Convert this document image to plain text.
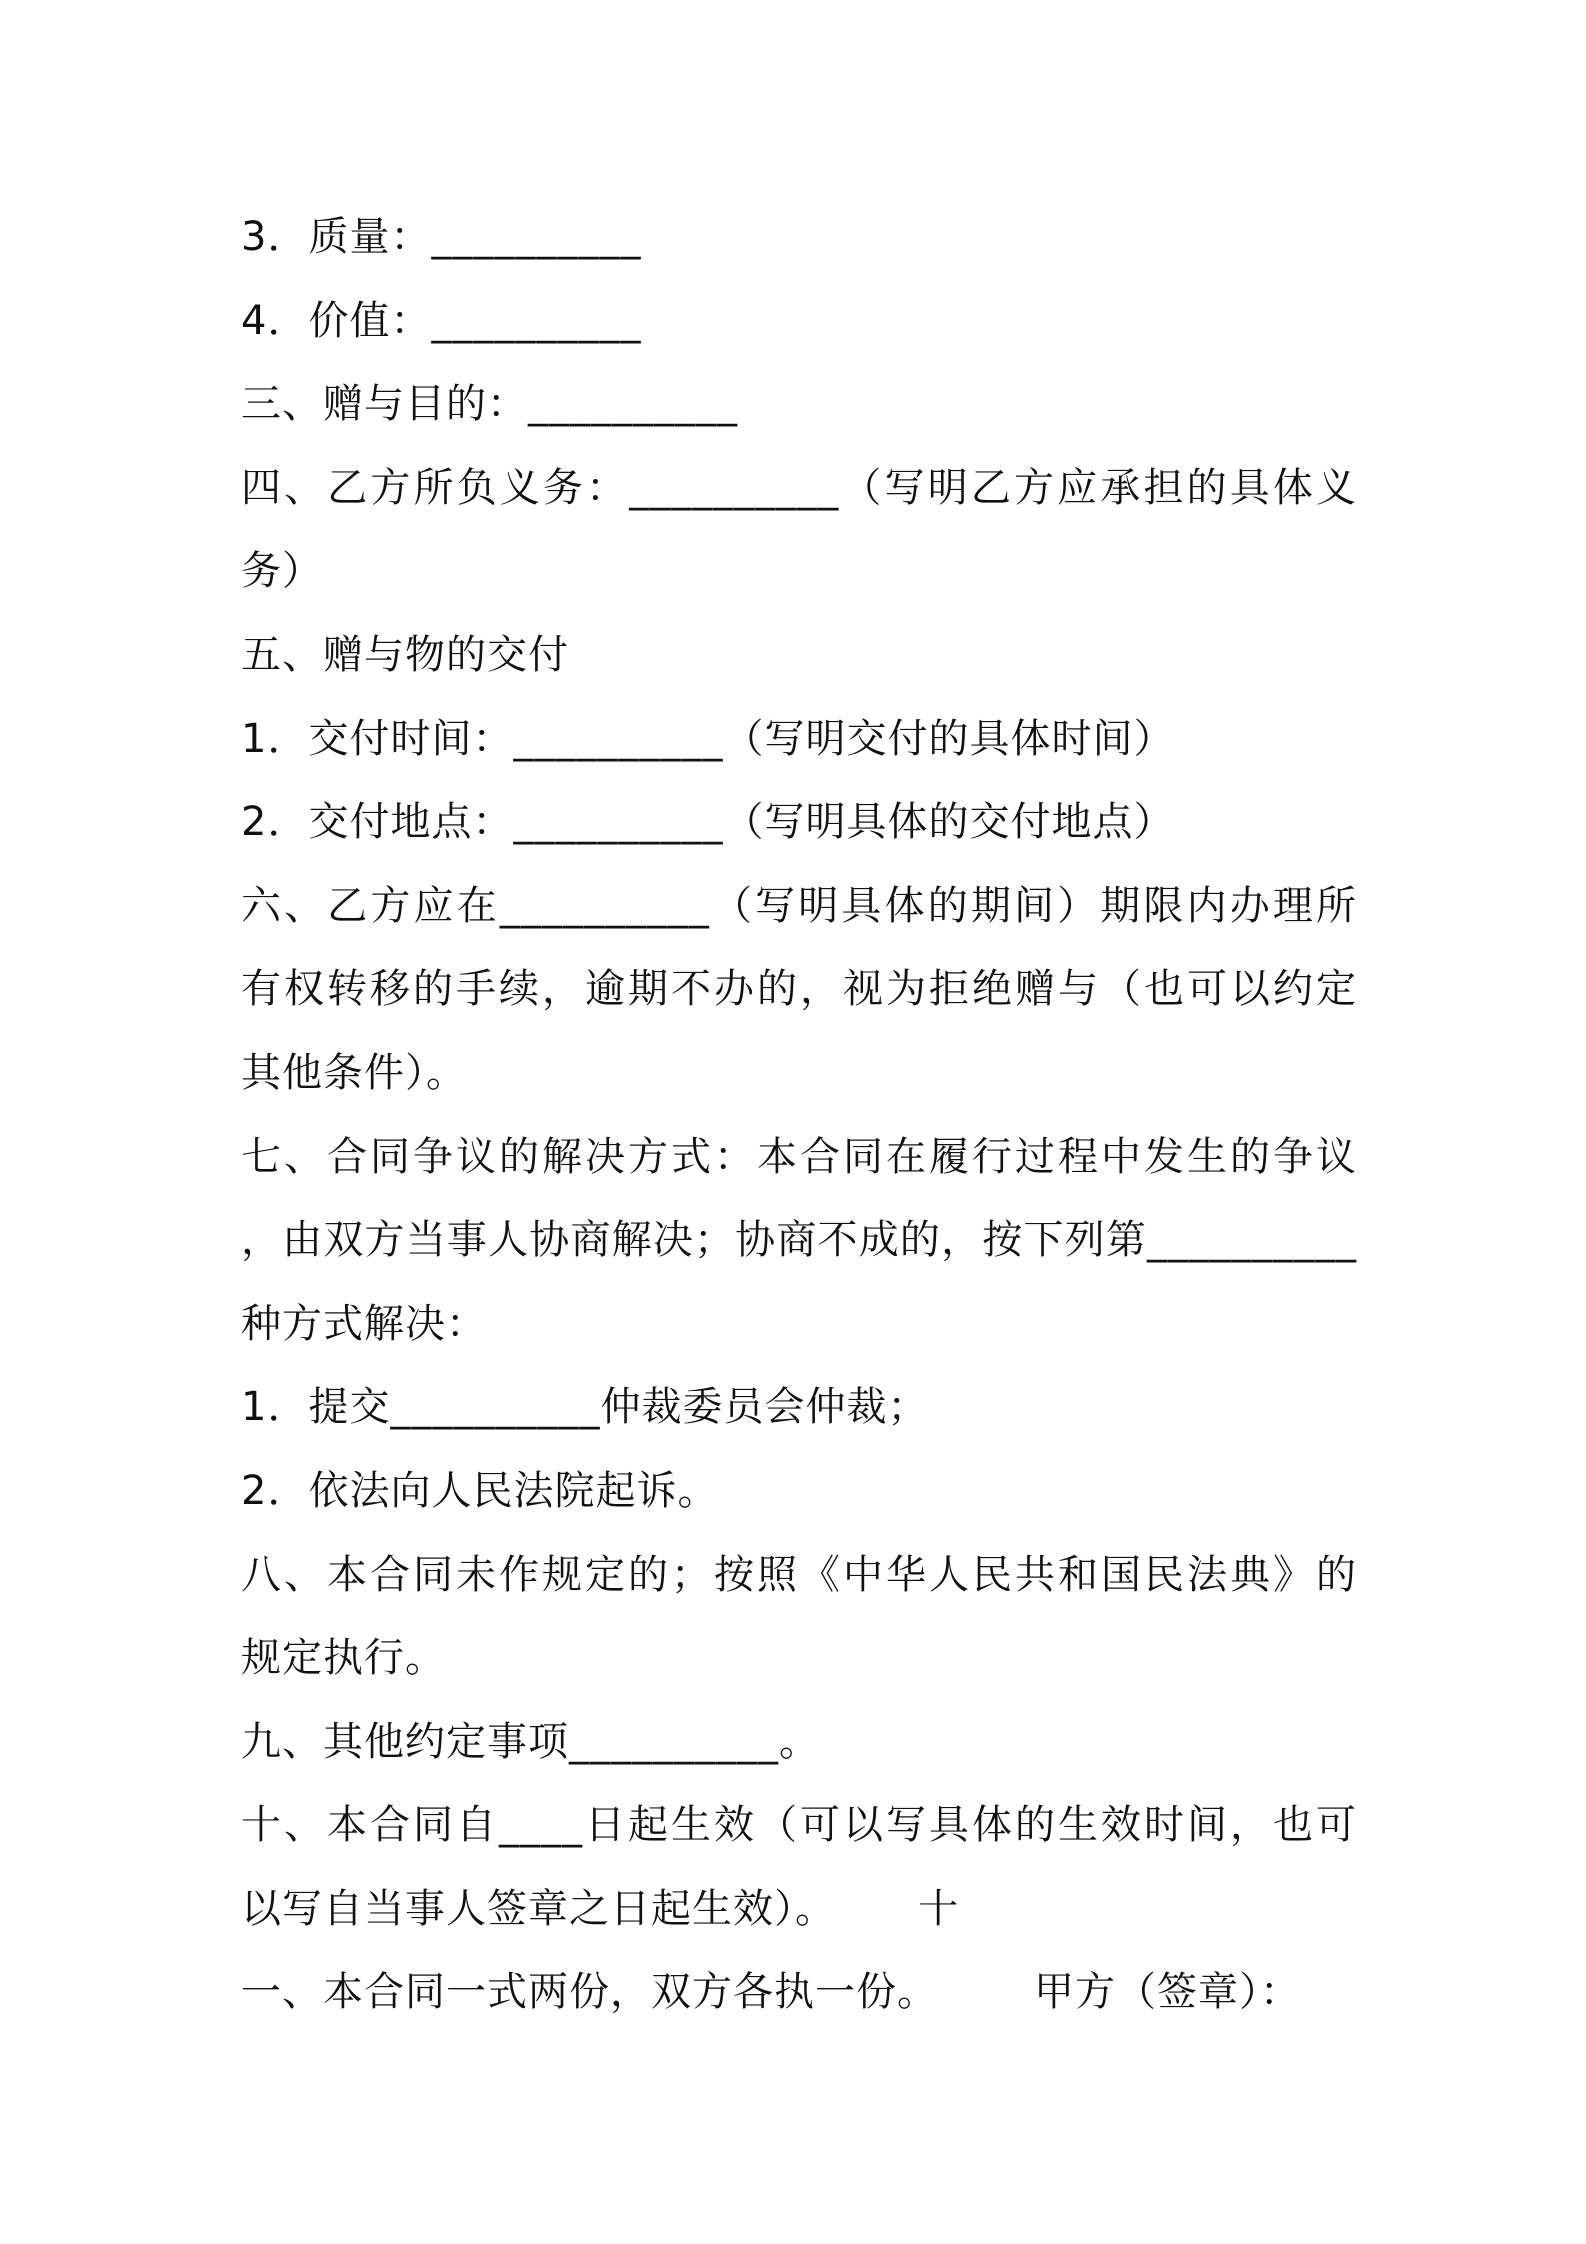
3．质量：__________
4．价值：__________
三、赠与目的：__________
四、乙方所负义务：__________（写明乙方应承担的具体义
务）
五、赠与物的交付
1．交付时间：__________（写明交付的具体时间）
2．交付地点：__________（写明具体的交付地点）
六、乙方应在__________（写明具体的期间）期限内办理所
有权转移的手续，逾期不办的，视为拒绝赠与（也可以约定
其他条件）。
七、合同争议的解决方式：本合同在履行过程中发生的争议
，由双方当事人协商解决；协商不成的，按下列第__________
种方式解决：
1．提交__________仲裁委员会仲裁；
2．依法向人民法院起诉。
八、本合同未作规定的；按照《中华人民共和国民法典》的
规定执行。
九、其他约定事项__________。
十、本合同自____日起生效（可以写具体的生效时间，也可
以写自当事人签章之日起生效）。      十
一、本合同一式两份，双方各执一份。       甲方（签章）：
